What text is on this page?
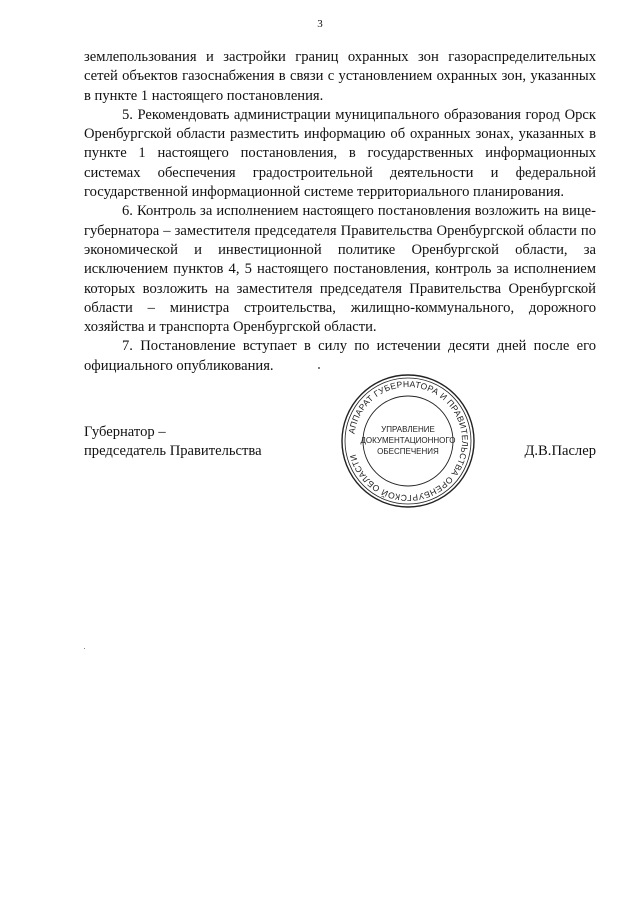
3

землепользования и застройки границ охранных зон газораспределительных сетей объектов газоснабжения в связи с установлением охранных зон, указанных в пункте 1 настоящего постановления.

5. Рекомендовать администрации муниципального образования город Орск Оренбургской области разместить информацию об охранных зонах, указанных в пункте 1 настоящего постановления, в государственных информационных системах обеспечения градостроительной деятельности и федеральной государственной информационной системе территориального планирования.

6. Контроль за исполнением настоящего постановления возложить на вице-губернатора – заместителя председателя Правительства Оренбургской области по экономической и инвестиционной политике Оренбургской области, за исключением пунктов 4, 5 настоящего постановления, контроль за исполнением которых возложить на заместителя председателя Правительства Оренбургской области – министра строительства, жилищно-коммунального, дорожного хозяйства и транспорта Оренбургской области.

7. Постановление вступает в силу по истечении десяти дней после его официального опубликования.

АППАРАТ ГУБЕРНАТОРА И ПРАВИТЕЛЬСТВА ОРЕНБУРГСКОЙ ОБЛАСТИ
УПРАВЛЕНИЕ
ДОКУМЕНТАЦИОННОГО
ОБЕСПЕЧЕНИЯ
Губернатор –
председатель Правительства	Д.В.Паслер
